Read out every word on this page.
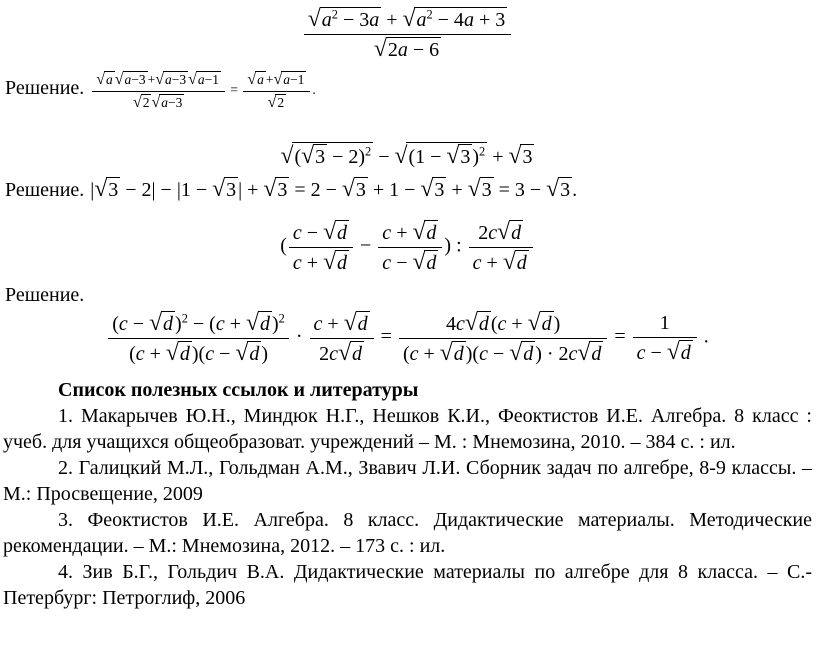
$\frac{√ a^2 - 3a + √ a^2 - 4a + 3}{√ 2a - 6}$

Решение. $\frac{√ a √ a-3 + √ a-3 √ a-1}{√ 2 √ a-3} = \frac{√ a + √ a-1}{√ 2}$ .

√ ( √ 3 − 2)$^2$ − √ (1 − √ 3 )$^2$ + √ 3

Решение. | √ 3 − 2| − |1 − √ 3 | + √ 3 = 2 − √ 3 + 1 − √ 3 + √ 3 = 3 − √ 3 .

( $\frac{c - √ d}{c + √ d} - \frac{c + √ d}{c - √ d}$ ) : $\frac{2c √ d}{c + √ d}$

Решение.

$\frac{(c - √ d )^2 - (c + √ d )^2}{(c + √ d )(c - √ d )} \cdot \frac{c + √ d}{2c √ d} = \frac{4c √ d (c + √ d )}{(c + √ d )(c - √ d ) \cdot 2c √ d} = \frac{1}{c - √ d}$ .

Список полезных ссылок и литературы

1. Макарычев Ю.Н., Миндюк Н.Г., Нешков К.И., Феоктистов И.Е. Алгебра. 8 класс : учеб. для учащихся общеобразоват. учреждений – М. : Мнемозина, 2010. – 384 с. : ил.

2. Галицкий М.Л., Гольдман А.М., Звавич Л.И. Сборник задач по алгебре, 8-9 классы. – М.: Просвещение, 2009

3. Феоктистов И.Е. Алгебра. 8 класс. Дидактические материалы. Методические рекомендации. – М.: Мнемозина, 2012. – 173 с. : ил.

4. Зив Б.Г., Гольдич В.А. Дидактические материалы по алгебре для 8 класса. – С.-Петербург: Петроглиф, 2006
